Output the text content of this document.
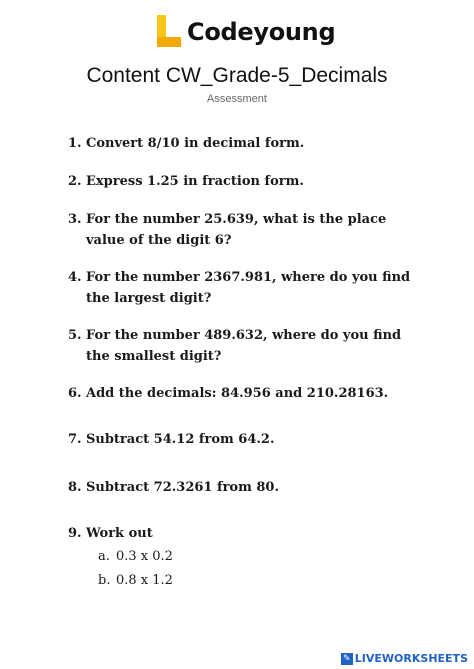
Codeyoung
Content CW_Grade-5_Decimals
Assessment
1. Convert 8/10 in decimal form.
2. Express 1.25 in fraction form.
3. For the number 25.639, what is the place value of the digit 6?
4. For the number 2367.981, where do you find the largest digit?
5. For the number 489.632, where do you find the smallest digit?
6. Add the decimals: 84.956 and 210.28163.
7. Subtract 54.12 from 64.2.
8. Subtract 72.3261 from 80.
9. Work out
a. 0.3 x 0.2
b. 0.8 x 1.2
✎ LIVEWORKSHEETS
